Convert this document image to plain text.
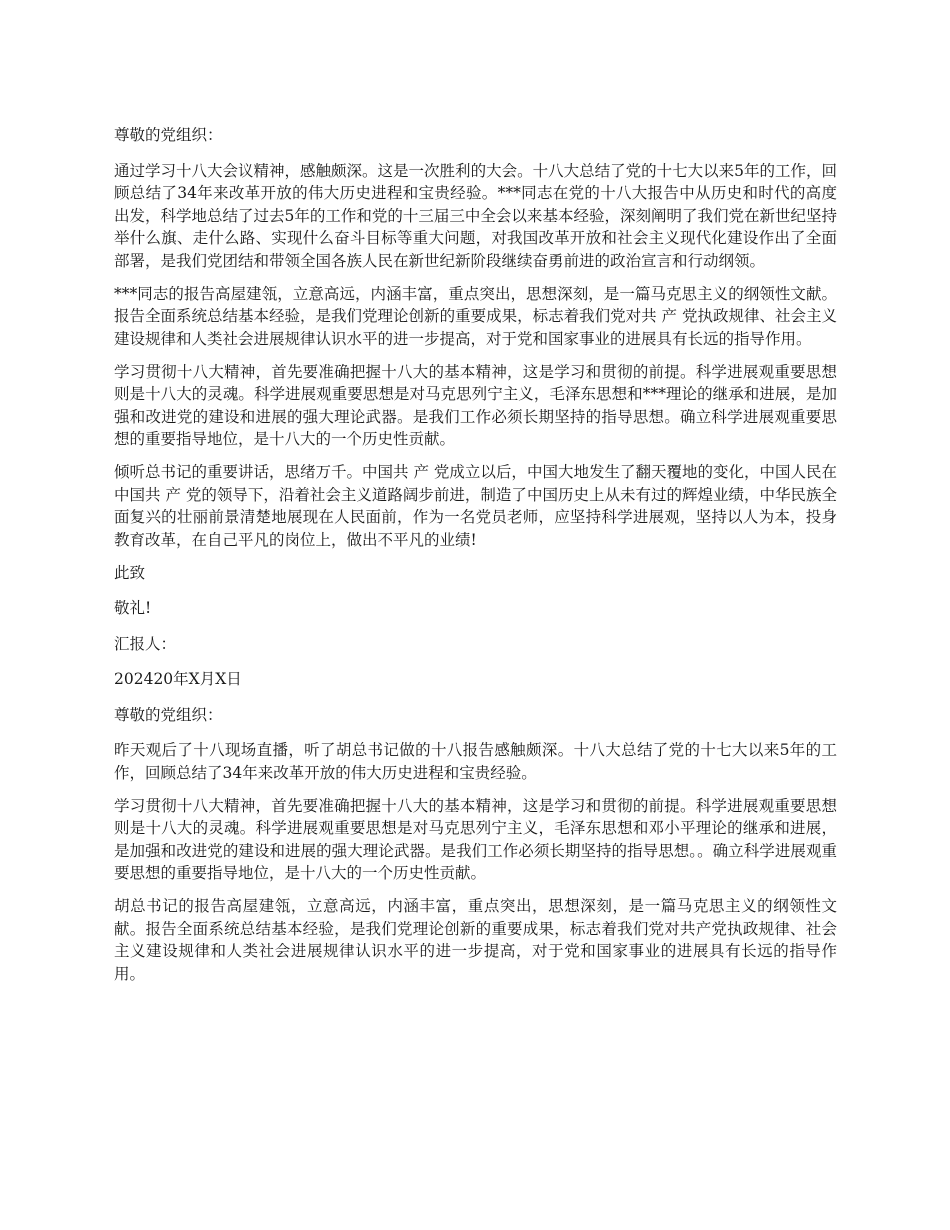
尊敬的党组织：

通过学习十八大会议精神，感触颇深。这是一次胜利的大会。十八大总结了党的十七大以来5年的工作，回顾总结了34年来改革开放的伟大历史进程和宝贵经验。***同志在党的十八大报告中从历史和时代的高度出发，科学地总结了过去5年的工作和党的十三届三中全会以来基本经验，深刻阐明了我们党在新世纪坚持举什么旗、走什么路、实现什么奋斗目标等重大问题，对我国改革开放和社会主义现代化建设作出了全面部署，是我们党团结和带领全国各族人民在新世纪新阶段继续奋勇前进的政治宣言和行动纲领。

***同志的报告高屋建瓴，立意高远，内涵丰富，重点突出，思想深刻，是一篇马克思主义的纲领性文献。报告全面系统总结基本经验，是我们党理论创新的重要成果，标志着我们党对共 产 党执政规律、社会主义建设规律和人类社会进展规律认识水平的进一步提高，对于党和国家事业的进展具有长远的指导作用。

学习贯彻十八大精神，首先要准确把握十八大的基本精神，这是学习和贯彻的前提。科学进展观重要思想则是十八大的灵魂。科学进展观重要思想是对马克思列宁主义，毛泽东思想和***理论的继承和进展，是加强和改进党的建设和进展的强大理论武器。是我们工作必须长期坚持的指导思想。确立科学进展观重要思想的重要指导地位，是十八大的一个历史性贡献。

倾听总书记的重要讲话，思绪万千。中国共 产 党成立以后，中国大地发生了翻天覆地的变化，中国人民在中国共 产 党的领导下，沿着社会主义道路阔步前进，制造了中国历史上从未有过的辉煌业绩，中华民族全面复兴的壮丽前景清楚地展现在人民面前，作为一名党员老师，应坚持科学进展观，坚持以人为本，投身教育改革，在自己平凡的岗位上，做出不平凡的业绩!

此致

敬礼!

汇报人：

202420年X月X日

尊敬的党组织：

昨天观后了十八现场直播，听了胡总书记做的十八报告感触颇深。十八大总结了党的十七大以来5年的工作，回顾总结了34年来改革开放的伟大历史进程和宝贵经验。

学习贯彻十八大精神，首先要准确把握十八大的基本精神，这是学习和贯彻的前提。科学进展观重要思想则是十八大的灵魂。科学进展观重要思想是对马克思列宁主义，毛泽东思想和邓小平理论的继承和进展，是加强和改进党的建设和进展的强大理论武器。是我们工作必须长期坚持的指导思想。。确立科学进展观重要思想的重要指导地位，是十八大的一个历史性贡献。

胡总书记的报告高屋建瓴，立意高远，内涵丰富，重点突出，思想深刻，是一篇马克思主义的纲领性文献。报告全面系统总结基本经验，是我们党理论创新的重要成果，标志着我们党对共产党执政规律、社会主义建设规律和人类社会进展规律认识水平的进一步提高，对于党和国家事业的进展具有长远的指导作用。
